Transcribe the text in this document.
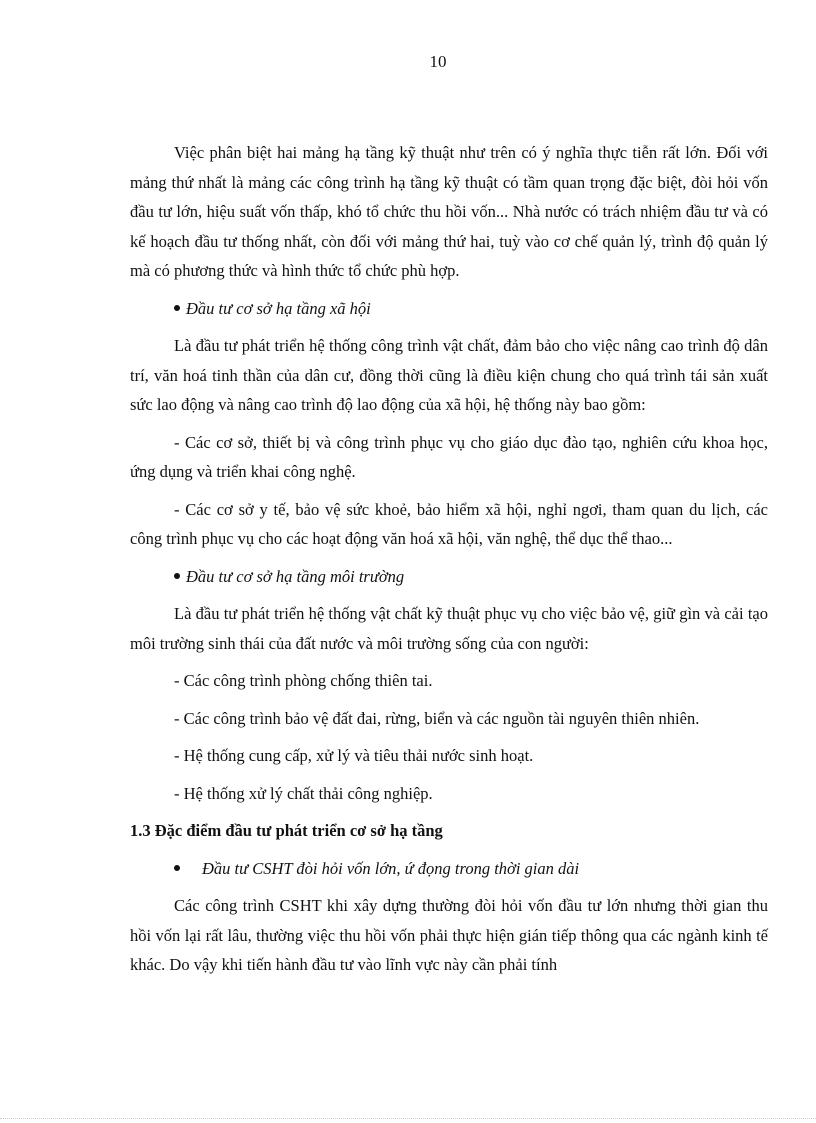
10

Việc phân biệt hai mảng hạ tầng kỹ thuật như trên có ý nghĩa thực tiễn rất lớn. Đối với mảng thứ nhất là mảng các công trình hạ tầng kỹ thuật có tầm quan trọng đặc biệt, đòi hỏi vốn đầu tư lớn, hiệu suất vốn thấp, khó tổ chức thu hồi vốn... Nhà nước có trách nhiệm đầu tư và có kế hoạch đầu tư thống nhất, còn đối với mảng thứ hai, tuỳ vào cơ chế quản lý, trình độ quản lý mà có phương thức và hình thức tổ chức phù hợp.

Đầu tư cơ sở hạ tầng xã hội

Là đầu tư phát triển hệ thống công trình vật chất, đảm bảo cho việc nâng cao trình độ dân trí, văn hoá tinh thần của dân cư, đồng thời cũng là điều kiện chung cho quá trình tái sản xuất sức lao động và nâng cao trình độ lao động của xã hội, hệ thống này bao gồm:

- Các cơ sở, thiết bị và công trình phục vụ cho giáo dục đào tạo, nghiên cứu khoa học, ứng dụng và triển khai công nghệ.

- Các cơ sở y tế, bảo vệ sức khoẻ, bảo hiểm xã hội, nghỉ ngơi, tham quan du lịch, các công trình phục vụ cho các hoạt động văn hoá xã hội, văn nghệ, thể dục thể thao...

Đầu tư cơ sở hạ tầng môi trường

Là đầu tư phát triển hệ thống vật chất kỹ thuật phục vụ cho việc bảo vệ, giữ gìn và cải tạo môi trường sinh thái của đất nước và môi trường sống của con người:

- Các công trình phòng chống thiên tai.
- Các công trình bảo vệ đất đai, rừng, biển và các nguồn tài nguyên thiên nhiên.
- Hệ thống cung cấp, xử lý và tiêu thải nước sinh hoạt.
- Hệ thống xử lý chất thải công nghiệp.
1.3 Đặc điểm đầu tư phát triển cơ sở hạ tầng
Đầu tư CSHT đòi hỏi vốn lớn, ứ đọng trong thời gian dài

Các công trình CSHT khi xây dựng thường đòi hỏi vốn đầu tư lớn nhưng thời gian thu hồi vốn lại rất lâu, thường việc thu hồi vốn phải thực hiện gián tiếp thông qua các ngành kinh tế khác. Do vậy khi tiến hành đầu tư vào lĩnh vực này cần phải tính
